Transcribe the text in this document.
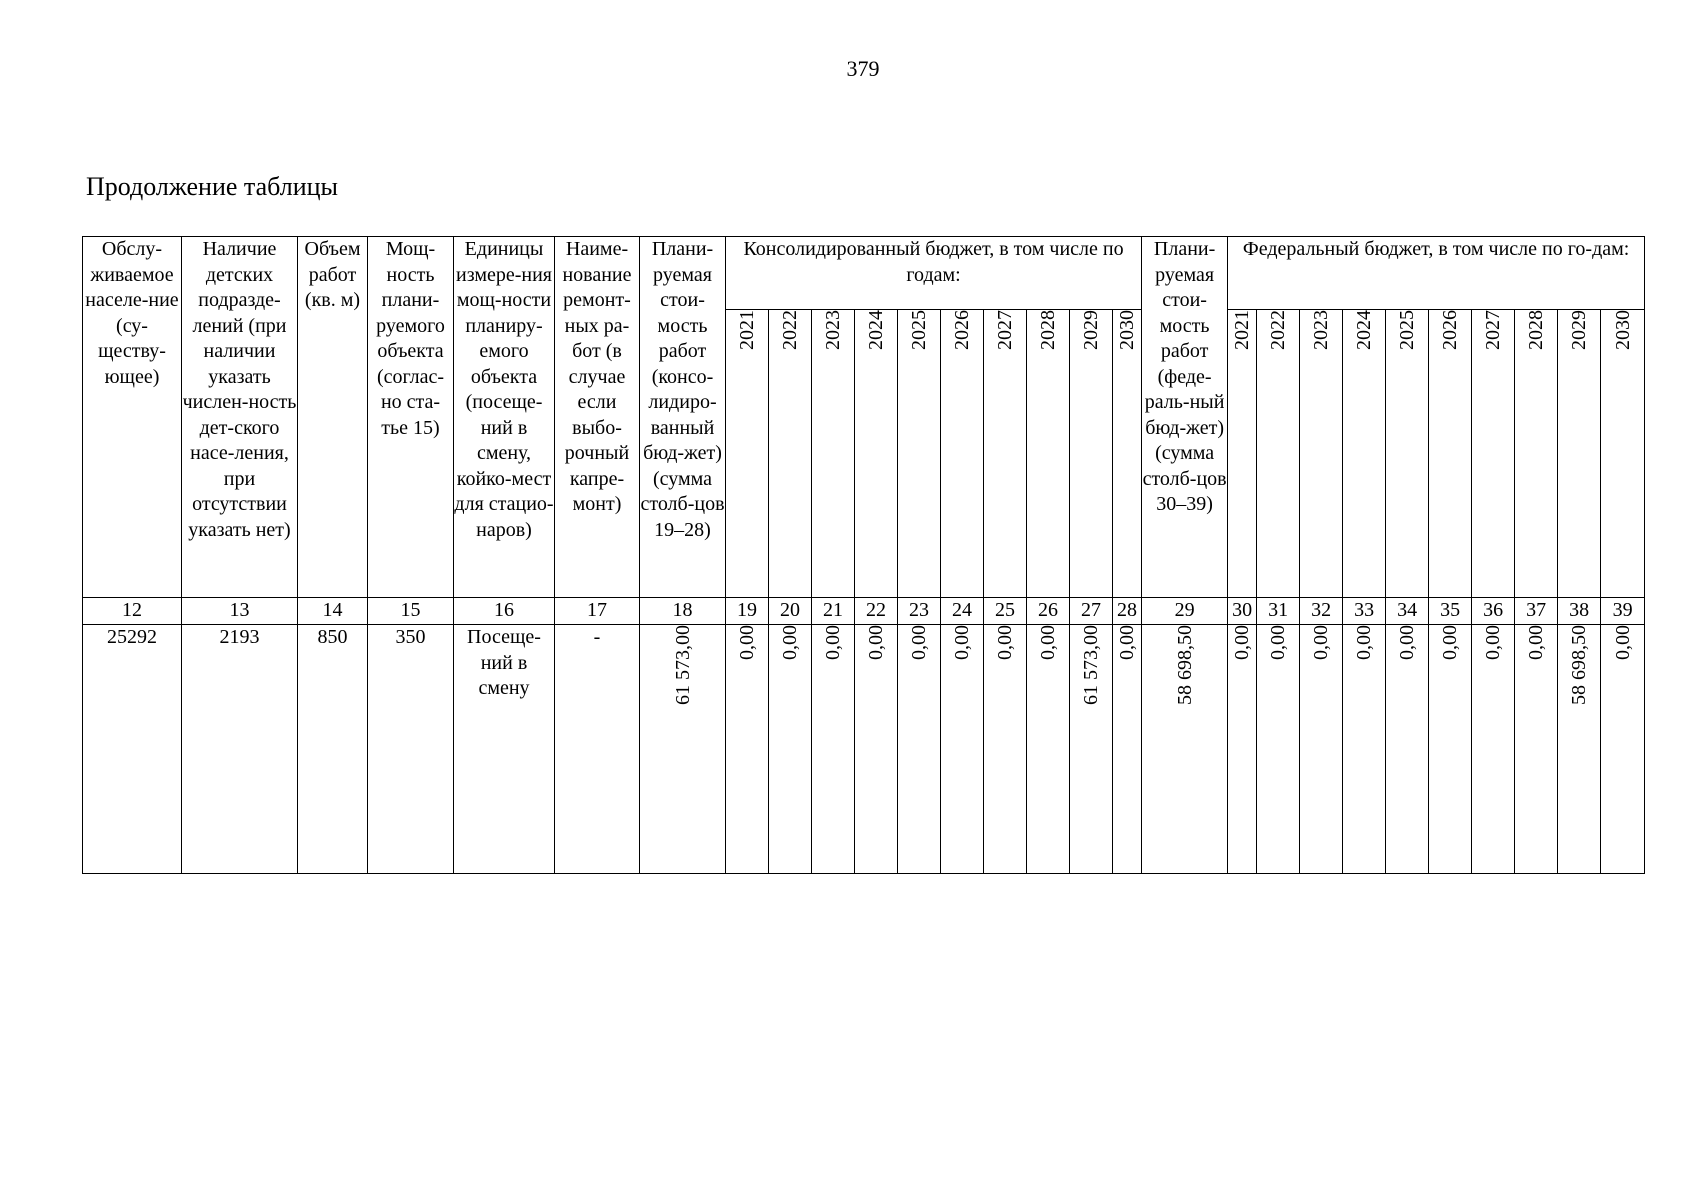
379
Продолжение таблицы
Обслу-живаемое населе-ние (су-ществу-ющее)	Наличие детских подразде-лений (при наличии указать числен-ность дет-ского насе-ления, при отсутствии указать нет)	Объем работ (кв. м)	Мощ-ность плани-руемого объекта (соглас-но ста-тье 15)	Единицы измере-ния мощ-ности планиру-емого объекта (посеще-ний в смену, койко-мест для стацио-наров)	Наиме-нование ремонт-ных ра-бот (в случае если выбо-рочный капре-монт)	Плани-руемая стои-мость работ (консо-лидиро-ванный бюд-жет) (сумма столб-цов 19–28)	Консолидированный бюджет, в том числе по годам:										Плани-руемая стои-мость работ (феде-раль-ный бюд-жет) (сумма столб-цов 30–39)	Федеральный бюджет, в том числе по го-дам:									
							2021	2022	2023	2024	2025	2026	2027	2028	2029	2030		2021	2022	2023	2024	2025	2026	2027	2028	2029	2030
12	13	14	15	16	17	18	19	20	21	22	23	24	25	26	27	28	29	30	31	32	33	34	35	36	37	38	39
25292	2193	850	350	Посеще-ний в смену	-	61 573,00	0,00	0,00	0,00	0,00	0,00	0,00	0,00	0,00	61 573,00	0,00	58 698,50	0,00	0,00	0,00	0,00	0,00	0,00	0,00	0,00	58 698,50	0,00
